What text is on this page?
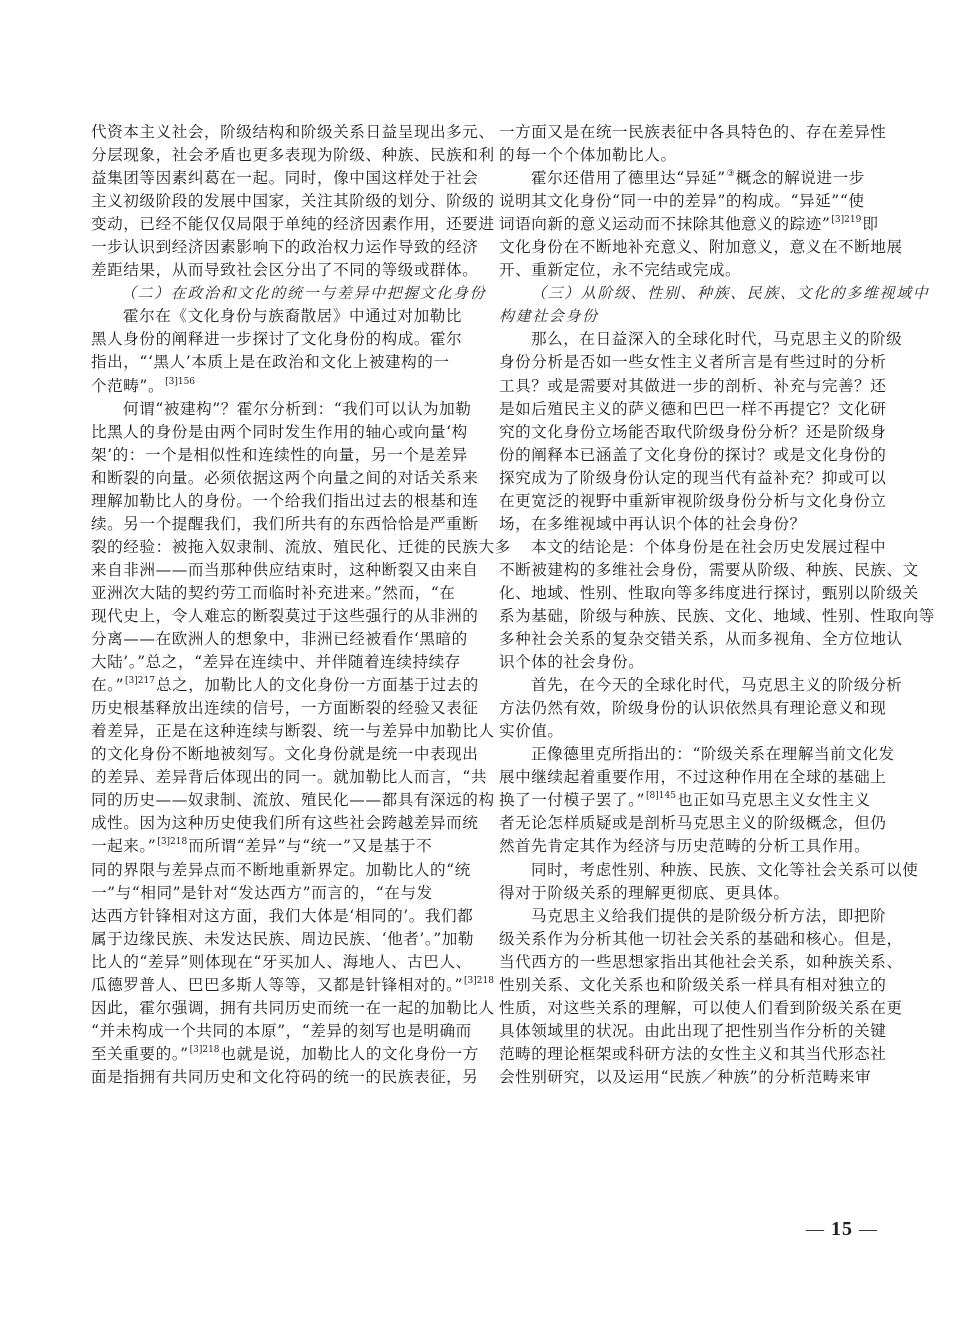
代资本主义社会，阶级结构和阶级关系日益呈现出多元、
分层现象，社会矛盾也更多表现为阶级、种族、民族和利
益集团等因素纠葛在一起。同时，像中国这样处于社会
主义初级阶段的发展中国家，关注其阶级的划分、阶级的
变动，已经不能仅仅局限于单纯的经济因素作用，还要进
一步认识到经济因素影响下的政治权力运作导致的经济
差距结果，从而导致社会区分出了不同的等级或群体。
（二）在政治和文化的统一与差异中把握文化身份
霍尔在《文化身份与族裔散居》中通过对加勒比
黑人身份的阐释进一步探讨了文化身份的构成。霍尔
指出，“‘黑人’本质上是在政治和文化上被建构的一
个范畴”。$^{[3]156}$
何谓“被建构”？霍尔分析到：“我们可以认为加勒
比黑人的身份是由两个同时发生作用的轴心或向量‘构
架’的：一个是相似性和连续性的向量，另一个是差异
和断裂的向量。必须依据这两个向量之间的对话关系来
理解加勒比人的身份。一个给我们指出过去的根基和连
续。另一个提醒我们，我们所共有的东西恰恰是严重断
裂的经验：被拖入奴隶制、流放、殖民化、迁徙的民族大多
来自非洲——而当那种供应结束时，这种断裂又由来自
亚洲次大陆的契约劳工而临时补充进来。”然而，“在
现代史上，令人难忘的断裂莫过于这些强行的从非洲的
分离——在欧洲人的想象中，非洲已经被看作‘黑暗的
大陆’。”总之，“差异在连续中、并伴随着连续持续存
在。”$^{[3]217}$总之，加勒比人的文化身份一方面基于过去的
历史根基释放出连续的信号，一方面断裂的经验又表征
着差异，正是在这种连续与断裂、统一与差异中加勒比人
的文化身份不断地被刻写。文化身份就是统一中表现出
的差异、差异背后体现出的同一。就加勒比人而言，“共
同的历史——奴隶制、流放、殖民化——都具有深远的构
成性。因为这种历史使我们所有这些社会跨越差异而统
一起来。”$^{[3]218}$而所谓“差异”与“统一”又是基于不
同的界限与差异点而不断地重新界定。加勒比人的“统
一”与“相同”是针对“发达西方”而言的，“在与发
达西方针锋相对这方面，我们大体是‘相同的’。我们都
属于边缘民族、未发达民族、周边民族、‘他者’。”加勒
比人的“差异”则体现在“牙买加人、海地人、古巴人、
瓜德罗普人、巴巴多斯人等等，又都是针锋相对的。”$^{[3]218}$
因此，霍尔强调，拥有共同历史而统一在一起的加勒比人
“并未构成一个共同的本原”，“差异的刻写也是明确而
至关重要的。”$^{[3]218}$也就是说，加勒比人的文化身份一方
面是指拥有共同历史和文化符码的统一的民族表征，另
一方面又是在统一民族表征中各具特色的、存在差异性
的每一个个体加勒比人。
霍尔还借用了德里达“异延”③概念的解说进一步
说明其文化身份“同一中的差异”的构成。“异延”“使
词语向新的意义运动而不抹除其他意义的踪迹”$^{[3]219}$即
文化身份在不断地补充意义、附加意义，意义在不断地展
开、重新定位，永不完结或完成。
（三）从阶级、性别、种族、民族、文化的多维视域中
构建社会身份
那么，在日益深入的全球化时代，马克思主义的阶级
身份分析是否如一些女性主义者所言是有些过时的分析
工具？或是需要对其做进一步的剖析、补充与完善？还
是如后殖民主义的萨义德和巴巴一样不再提它？文化研
究的文化身份立场能否取代阶级身份分析？还是阶级身
份的阐释本已涵盖了文化身份的探讨？或是文化身份的
探究成为了阶级身份认定的现当代有益补充？抑或可以
在更宽泛的视野中重新审视阶级身份分析与文化身份立
场，在多维视域中再认识个体的社会身份？
本文的结论是：个体身份是在社会历史发展过程中
不断被建构的多维社会身份，需要从阶级、种族、民族、文
化、地域、性别、性取向等多纬度进行探讨，甄别以阶级关
系为基础，阶级与种族、民族、文化、地域、性别、性取向等
多种社会关系的复杂交错关系，从而多视角、全方位地认
识个体的社会身份。
首先，在今天的全球化时代，马克思主义的阶级分析
方法仍然有效，阶级身份的认识依然具有理论意义和现
实价值。
正像德里克所指出的：“阶级关系在理解当前文化发
展中继续起着重要作用，不过这种作用在全球的基础上
换了一付模子罢了。”$^{[8]145}$也正如马克思主义女性主义
者无论怎样质疑或是剖析马克思主义的阶级概念，但仍
然首先肯定其作为经济与历史范畴的分析工具作用。
同时，考虑性别、种族、民族、文化等社会关系可以使
得对于阶级关系的理解更彻底、更具体。
马克思主义给我们提供的是阶级分析方法，即把阶
级关系作为分析其他一切社会关系的基础和核心。但是，
当代西方的一些思想家指出其他社会关系，如种族关系、
性别关系、文化关系也和阶级关系一样具有相对独立的
性质，对这些关系的理解，可以使人们看到阶级关系在更
具体领域里的状况。由此出现了把性别当作分析的关键
范畴的理论框架或科研方法的女性主义和其当代形态社
会性别研究，以及运用“民族／种族”的分析范畴来审
— 15 —
